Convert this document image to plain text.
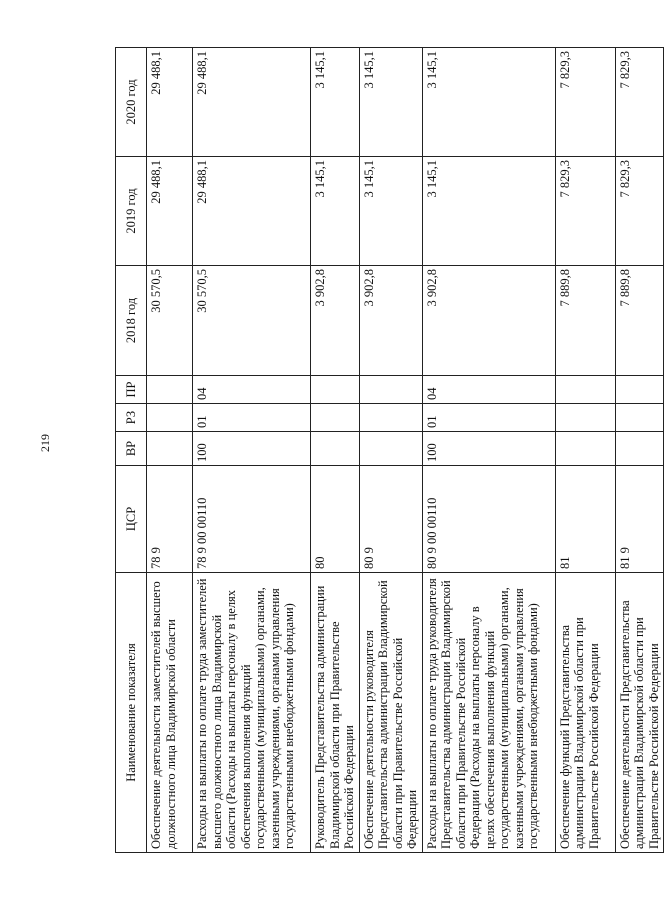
219
Наименование показателя	ЦСР	ВР	РЗ	ПР	2018 год	2019 год	2020 год
Обеспечение деятельности заместителей высшего должностного лица Владимирской области	78 9				30 570,5	29 488,1	29 488,1
Расходы на выплаты по оплате труда заместителей высшего должностного лица Владимирской области (Расходы на выплаты персоналу в целях обеспечения выполнения функций государственными (муниципальными) органами, казенными учреждениями, органами управления государственными внебюджетными фондами)	78 9 00 00110	100	01	04	30 570,5	29 488,1	29 488,1
Руководитель Представительства администрации Владимирской области при Правительстве Российской Федерации	80				3 902,8	3 145,1	3 145,1
Обеспечение деятельности руководителя Представительства администрации Владимирской области при Правительстве Российской Федерации	80 9				3 902,8	3 145,1	3 145,1
Расходы на выплаты по оплате труда руководителя Представительства администрации Владимирской области при Правительстве Российской Федерации (Расходы на выплаты персоналу в целях обеспечения выполнения функций государственными (муниципальными) органами, казенными учреждениями, органами управления государственными внебюджетными фондами)	80 9 00 00110	100	01	04	3 902,8	3 145,1	3 145,1
Обеспечение функций Представительства администрации Владимирской области при Правительстве Российской Федерации	81				7 889,8	7 829,3	7 829,3
Обеспечение деятельности Представительства администрации Владимирской области при Правительстве Российской Федерации	81 9				7 889,8	7 829,3	7 829,3
